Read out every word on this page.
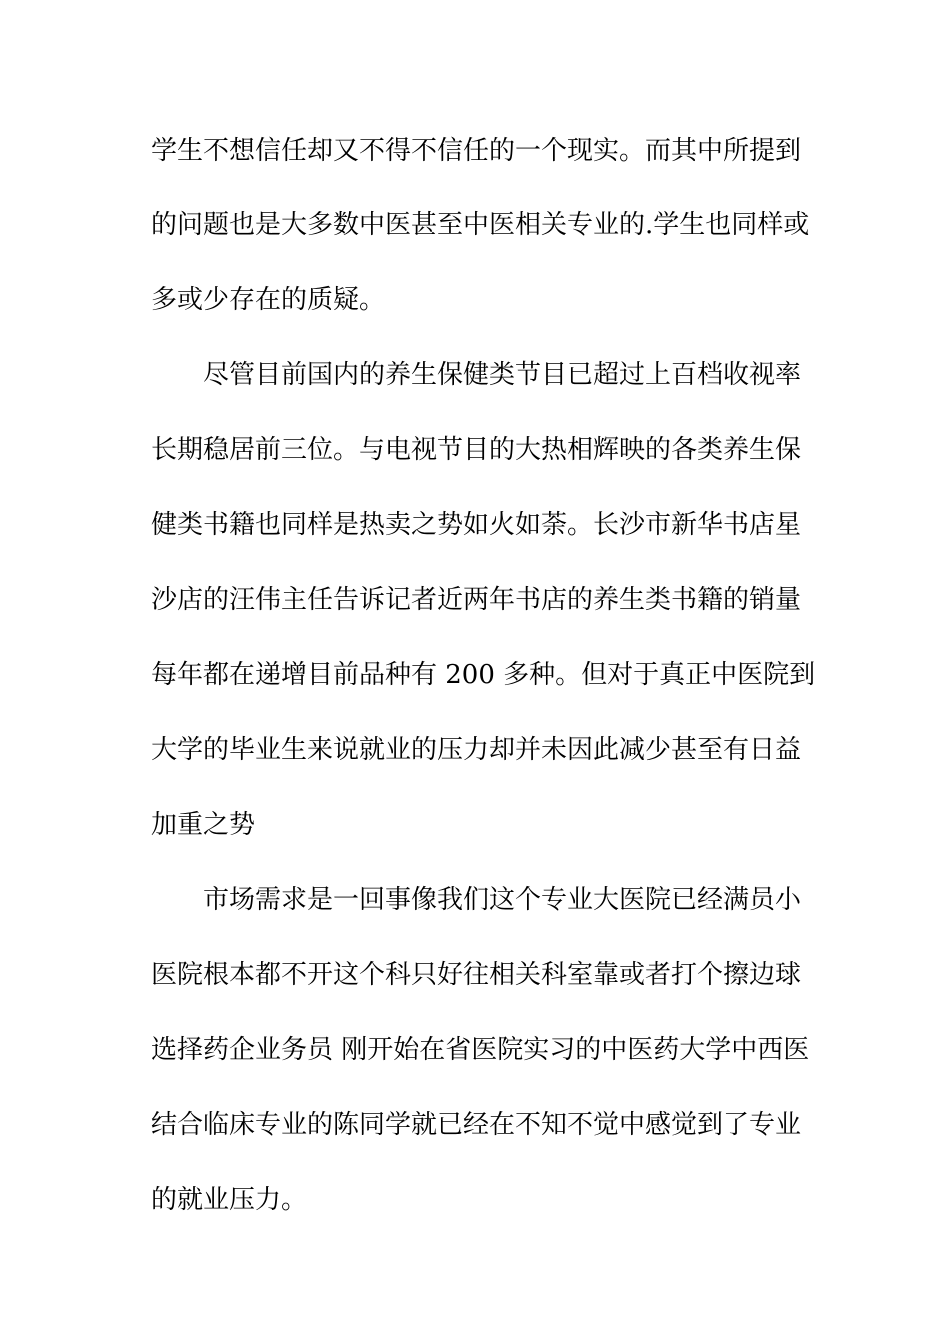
学生不想信任却又不得不信任的一个现实。而其中所提到

的问题也是大多数中医甚至中医相关专业的.学生也同样或

多或少存在的质疑。

尽管目前国内的养生保健类节目已超过上百档收视率

长期稳居前三位。与电视节目的大热相辉映的各类养生保

健类书籍也同样是热卖之势如火如荼。长沙市新华书店星

沙店的汪伟主任告诉记者近两年书店的养生类书籍的销量

每年都在递增目前品种有 200 多种。但对于真正中医院到

大学的毕业生来说就业的压力却并未因此减少甚至有日益

加重之势

市场需求是一回事像我们这个专业大医院已经满员小

医院根本都不开这个科只好往相关科室靠或者打个擦边球

选择药企业务员 刚开始在省医院实习的中医药大学中西医

结合临床专业的陈同学就已经在不知不觉中感觉到了专业

的就业压力。
